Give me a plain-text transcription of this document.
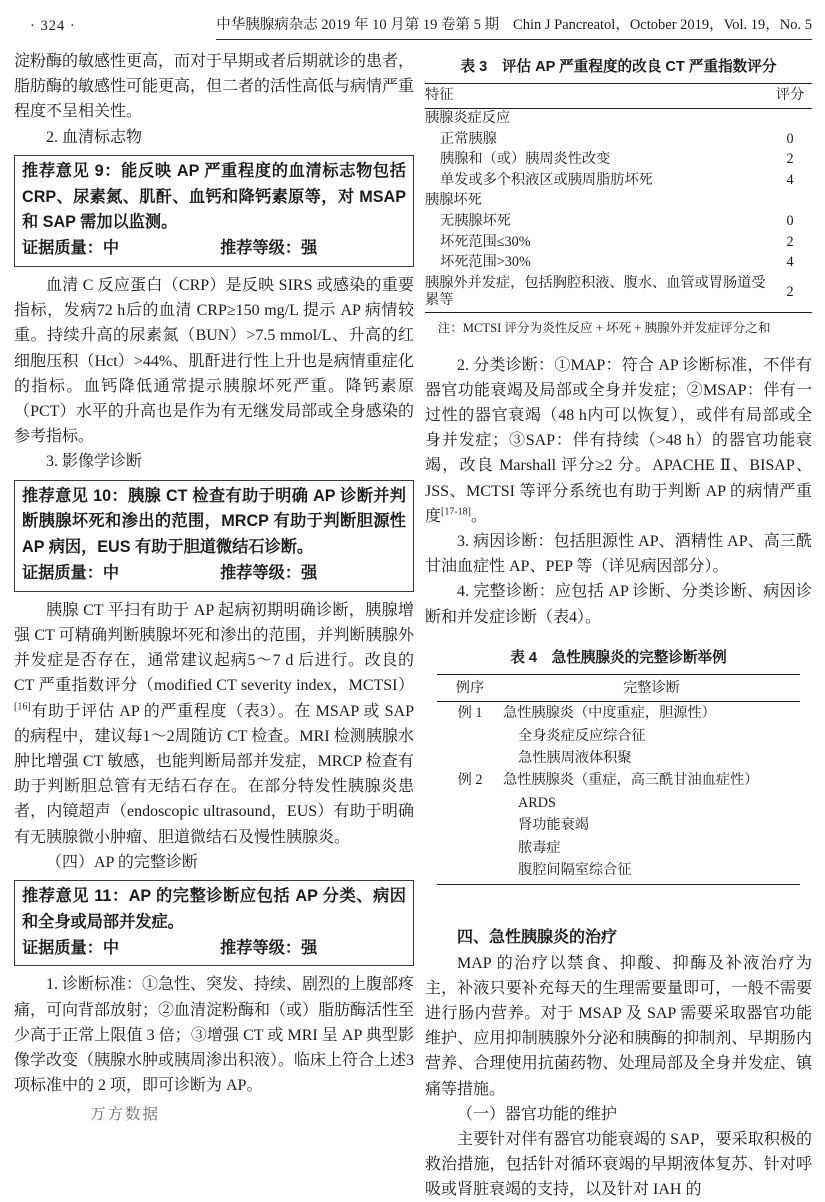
· 324 ·	中华胰腺病杂志 2019 年 10 月第 19 卷第 5 期 Chin J Pancreatol，October 2019，Vol. 19，No. 5

淀粉酶的敏感性更高，而对于早期或者后期就诊的患者，脂肪酶的敏感性可能更高，但二者的活性高低与病情严重程度不呈相关性。

2. 血清标志物

推荐意见 9：能反映 AP 严重程度的血清标志物包括 CRP、尿素氮、肌酐、血钙和降钙素原等，对 MSAP 和 SAP 需加以监测。
证据质量：中	推荐等级：强

血清 C 反应蛋白（CRP）是反映 SIRS 或感染的重要指标，发病72 h后的血清 CRP≥150 mg/L 提示 AP 病情较重。持续升高的尿素氮（BUN）>7.5 mmol/L、升高的红细胞压积（Hct）>44%、肌酐进行性上升也是病情重症化的指标。血钙降低通常提示胰腺坏死严重。降钙素原（PCT）水平的升高也是作为有无继发局部或全身感染的参考指标。

3. 影像学诊断

推荐意见 10：胰腺 CT 检查有助于明确 AP 诊断并判断胰腺坏死和渗出的范围，MRCP 有助于判断胆源性 AP 病因，EUS 有助于胆道微结石诊断。
证据质量：中	推荐等级：强

胰腺 CT 平扫有助于 AP 起病初期明确诊断，胰腺增强 CT 可精确判断胰腺坏死和渗出的范围，并判断胰腺外并发症是否存在，通常建议起病5～7 d 后进行。改良的 CT 严重指数评分（modified CT severity index，MCTSI）[16]有助于评估 AP 的严重程度（表3）。在 MSAP 或 SAP 的病程中，建议每1～2周随访 CT 检查。MRI 检测胰腺水肿比增强 CT 敏感，也能判断局部并发症，MRCP 检查有助于判断胆总管有无结石存在。在部分特发性胰腺炎患者，内镜超声（endoscopic ultrasound，EUS）有助于明确有无胰腺微小肿瘤、胆道微结石及慢性胰腺炎。

（四）AP 的完整诊断

推荐意见 11：AP 的完整诊断应包括 AP 分类、病因和全身或局部并发症。
证据质量：中	推荐等级：强

1. 诊断标准：①急性、突发、持续、剧烈的上腹部疼痛，可向背部放射；②血清淀粉酶和（或）脂肪酶活性至少高于正常上限值 3 倍；③增强 CT 或 MRI 呈 AP 典型影像学改变（胰腺水肿或胰周渗出积液）。临床上符合上述3 项标准中的 2 项，即可诊断为 AP。

万方数据
表 3　评估 AP 严重程度的改良 CT 严重指数评分
特征	评分
胰腺炎症反应	
正常胰腺	0
胰腺和（或）胰周炎性改变	2
单发或多个积液区或胰周脂肪坏死	4
胰腺坏死	
无胰腺坏死	0
坏死范围≤30%	2
坏死范围>30%	4
胰腺外并发症，包括胸腔积液、腹水、血管或胃肠道受累等	2
注：MCTSI 评分为炎性反应 + 坏死 + 胰腺外并发症评分之和

2. 分类诊断：①MAP：符合 AP 诊断标准，不伴有器官功能衰竭及局部或全身并发症；②MSAP：伴有一过性的器官衰竭（48 h内可以恢复），或伴有局部或全身并发症；③SAP：伴有持续（>48 h）的器官功能衰竭，改良 Marshall 评分≥2 分。APACHE Ⅱ、BISAP、JSS、MCTSI 等评分系统也有助于判断 AP 的病情严重度[17-18]。

3. 病因诊断：包括胆源性 AP、酒精性 AP、高三酰甘油血症性 AP、PEP 等（详见病因部分）。

4. 完整诊断：应包括 AP 诊断、分类诊断、病因诊断和并发症诊断（表4）。

表 4　急性胰腺炎的完整诊断举例
例序	完整诊断
例 1	急性胰腺炎（中度重症，胆源性）
全身炎症反应综合征
急性胰周液体积聚
例 2	急性胰腺炎（重症，高三酰甘油血症性）
ARDS
肾功能衰竭
脓毒症
腹腔间隔室综合征

四、急性胰腺炎的治疗

MAP 的治疗以禁食、抑酸、抑酶及补液治疗为主，补液只要补充每天的生理需要量即可，一般不需要进行肠内营养。对于 MSAP 及 SAP 需要采取器官功能维护、应用抑制胰腺外分泌和胰酶的抑制剂、早期肠内营养、合理使用抗菌药物、处理局部及全身并发症、镇痛等措施。

（一）器官功能的维护

主要针对伴有器官功能衰竭的 SAP，要采取积极的救治措施，包括针对循环衰竭的早期液体复苏、针对呼吸或肾脏衰竭的支持，以及针对 IAH 的
